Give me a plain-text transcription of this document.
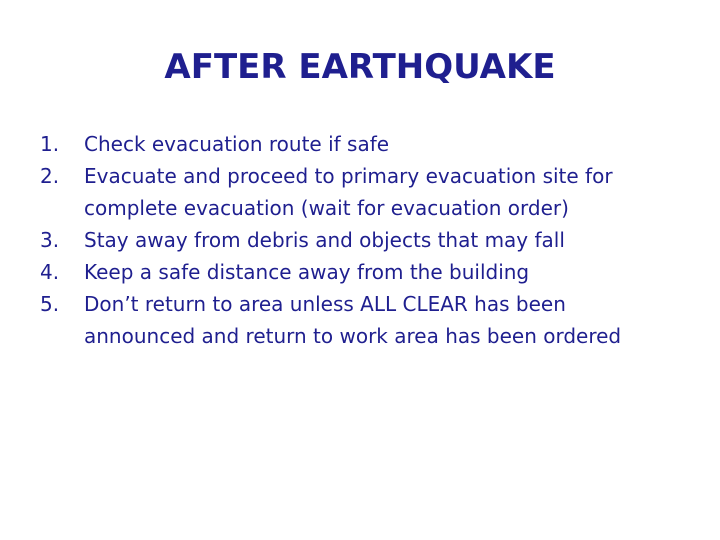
AFTER EARTHQUAKE
1.	Check evacuation route if safe
2.	Evacuate and proceed to primary evacuation site for
complete evacuation (wait for evacuation order)
3.	Stay away from debris and objects that may fall
4.	Keep a safe distance away from the building
5.	Don’t return to area unless ALL CLEAR has been
announced and return to work area has been ordered
